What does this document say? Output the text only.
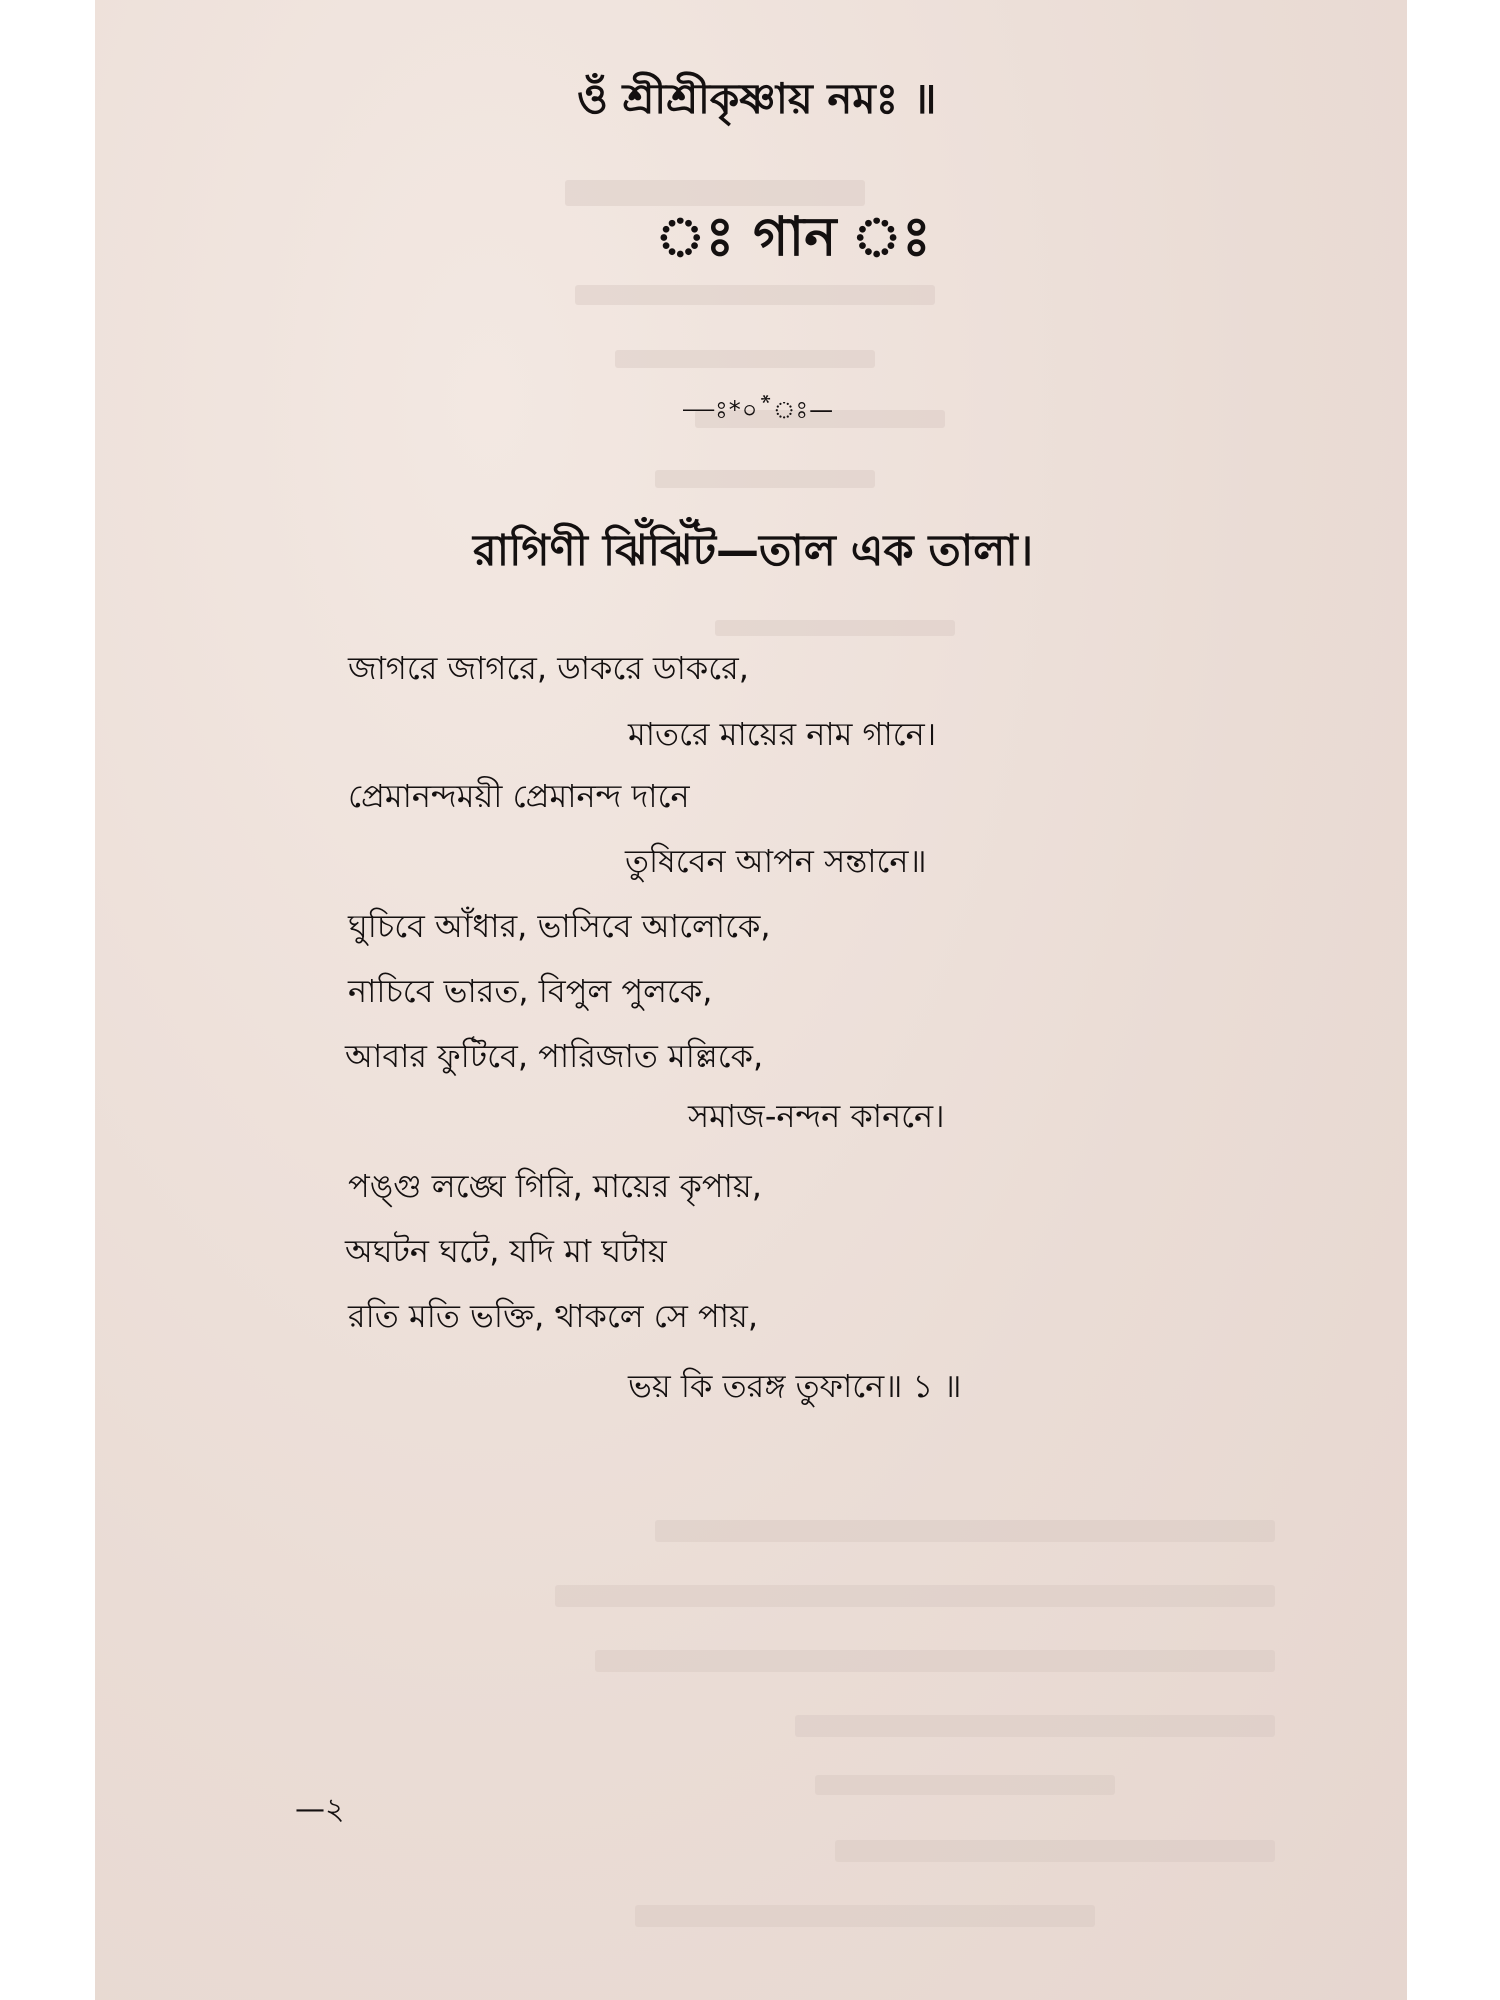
ওঁ শ্রীশ্রীকৃষ্ণায় নমঃ ॥
ঃ গান ঃ
—ঃ*০*ঃ—
রাগিণী ঝিঁঝিঁট—তাল এক তালা।
জাগরে জাগরে, ডাকরে ডাকরে,
মাতরে মায়ের নাম গানে।
প্রেমানন্দময়ী প্রেমানন্দ দানে
তুষিবেন আপন সন্তানে॥
ঘুচিবে আঁধার, ভাসিবে আলোকে,
নাচিবে ভারত, বিপুল পুলকে,
আবার ফুটিবে, পারিজাত মল্লিকে,
সমাজ-নন্দন কাননে।
পঙ্গু লঙ্ঘে গিরি, মায়ের কৃপায়,
অঘটন ঘটে, যদি মা ঘটায়
রতি মতি ভক্তি, থাকলে সে পায়,
ভয় কি তরঙ্গ তুফানে॥ ১ ॥
—২
